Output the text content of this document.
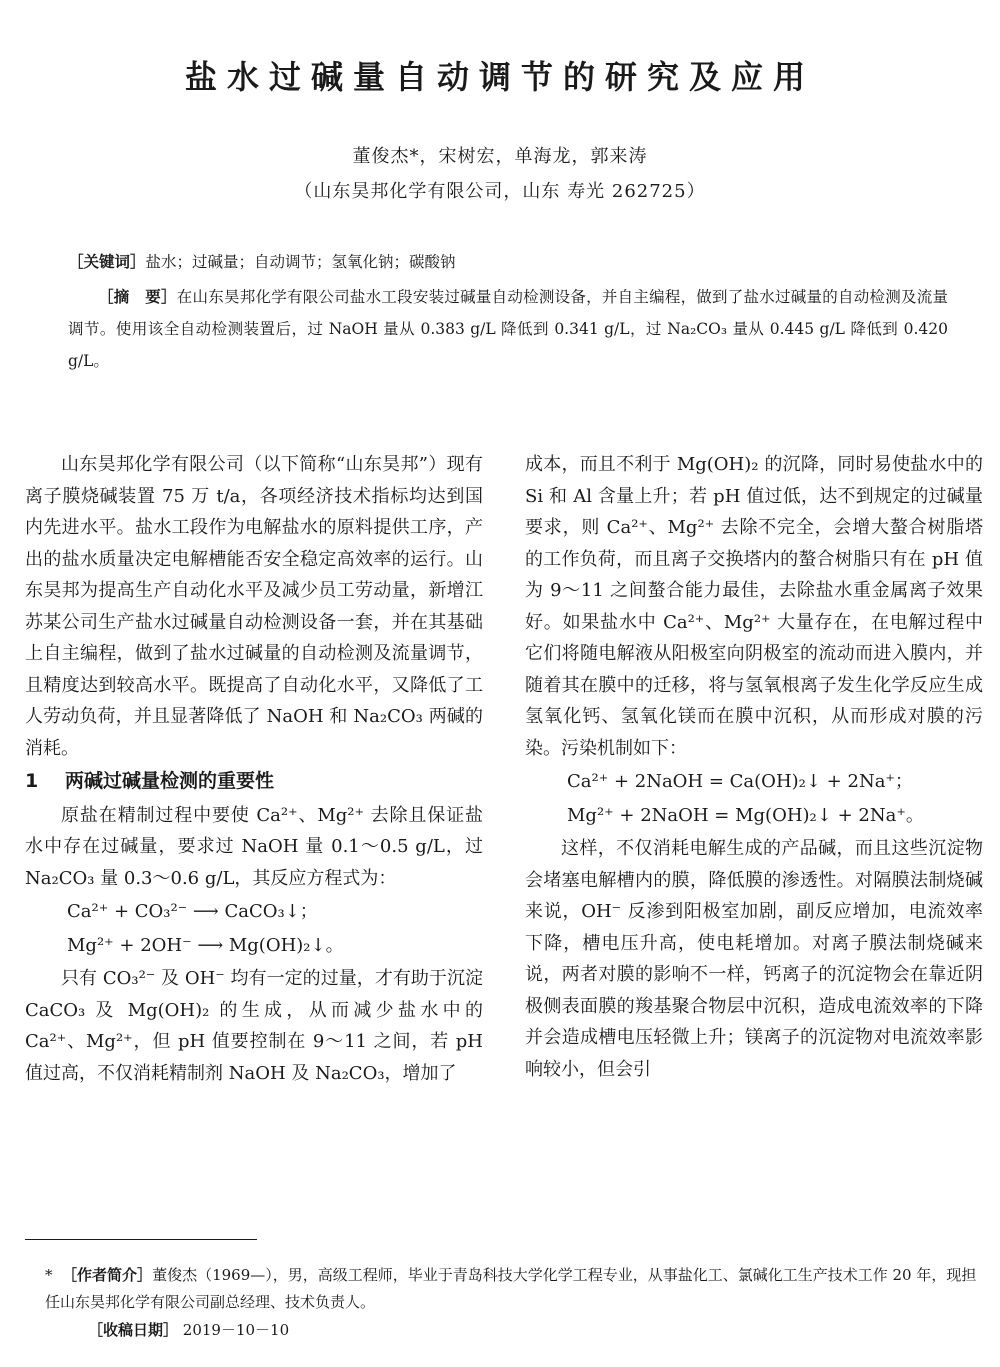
盐水过碱量自动调节的研究及应用
董俊杰*，宋树宏，单海龙，郭来涛
（山东昊邦化学有限公司，山东 寿光 262725）
［关键词］盐水；过碱量；自动调节；氢氧化钠；碳酸钠
［摘　要］在山东昊邦化学有限公司盐水工段安装过碱量自动检测设备，并自主编程，做到了盐水过碱量的自动检测及流量调节。使用该全自动检测装置后，过 NaOH 量从 0.383 g/L 降低到 0.341 g/L，过 Na₂CO₃ 量从 0.445 g/L 降低到 0.420 g/L。

山东昊邦化学有限公司（以下简称“山东昊邦”）现有离子膜烧碱装置 75 万 t/a，各项经济技术指标均达到国内先进水平。盐水工段作为电解盐水的原料提供工序，产出的盐水质量决定电解槽能否安全稳定高效率的运行。山东昊邦为提高生产自动化水平及减少员工劳动量，新增江苏某公司生产盐水过碱量自动检测设备一套，并在其基础上自主编程，做到了盐水过碱量的自动检测及流量调节，且精度达到较高水平。既提高了自动化水平，又降低了工人劳动负荷，并且显著降低了 NaOH 和 Na₂CO₃ 两碱的消耗。

1 两碱过碱量检测的重要性

原盐在精制过程中要使 Ca²⁺、Mg²⁺ 去除且保证盐水中存在过碱量，要求过 NaOH 量 0.1～0.5 g/L，过 Na₂CO₃ 量 0.3～0.6 g/L，其反应方程式为：

Ca²⁺ + CO₃²⁻ ⟶ CaCO₃↓；

Mg²⁺ + 2OH⁻ ⟶ Mg(OH)₂↓。

只有 CO₃²⁻ 及 OH⁻ 均有一定的过量，才有助于沉淀 CaCO₃ 及 Mg(OH)₂ 的生成，从而减少盐水中的 Ca²⁺、Mg²⁺，但 pH 值要控制在 9～11 之间，若 pH 值过高，不仅消耗精制剂 NaOH 及 Na₂CO₃，增加了

成本，而且不利于 Mg(OH)₂ 的沉降，同时易使盐水中的 Si 和 Al 含量上升；若 pH 值过低，达不到规定的过碱量要求，则 Ca²⁺、Mg²⁺ 去除不完全，会增大螯合树脂塔的工作负荷，而且离子交换塔内的螯合树脂只有在 pH 值为 9～11 之间螯合能力最佳，去除盐水重金属离子效果好。如果盐水中 Ca²⁺、Mg²⁺ 大量存在，在电解过程中它们将随电解液从阳极室向阴极室的流动而进入膜内，并随着其在膜中的迁移，将与氢氧根离子发生化学反应生成氢氧化钙、氢氧化镁而在膜中沉积，从而形成对膜的污染。污染机制如下：

Ca²⁺ + 2NaOH = Ca(OH)₂↓ + 2Na⁺；

Mg²⁺ + 2NaOH = Mg(OH)₂↓ + 2Na⁺。

这样，不仅消耗电解生成的产品碱，而且这些沉淀物会堵塞电解槽内的膜，降低膜的渗透性。对隔膜法制烧碱来说，OH⁻ 反渗到阳极室加剧，副反应增加，电流效率下降，槽电压升高，使电耗增加。对离子膜法制烧碱来说，两者对膜的影响不一样，钙离子的沉淀物会在靠近阴极侧表面膜的羧基聚合物层中沉积，造成电流效率的下降并会造成槽电压轻微上升；镁离子的沉淀物对电流效率影响较小，但会引

* ［作者简介］董俊杰（1969—），男，高级工程师，毕业于青岛科技大学化学工程专业，从事盐化工、氯碱化工生产技术工作 20 年，现担任山东昊邦化学有限公司副总经理、技术负责人。
［收稿日期］ 2019－10－10
